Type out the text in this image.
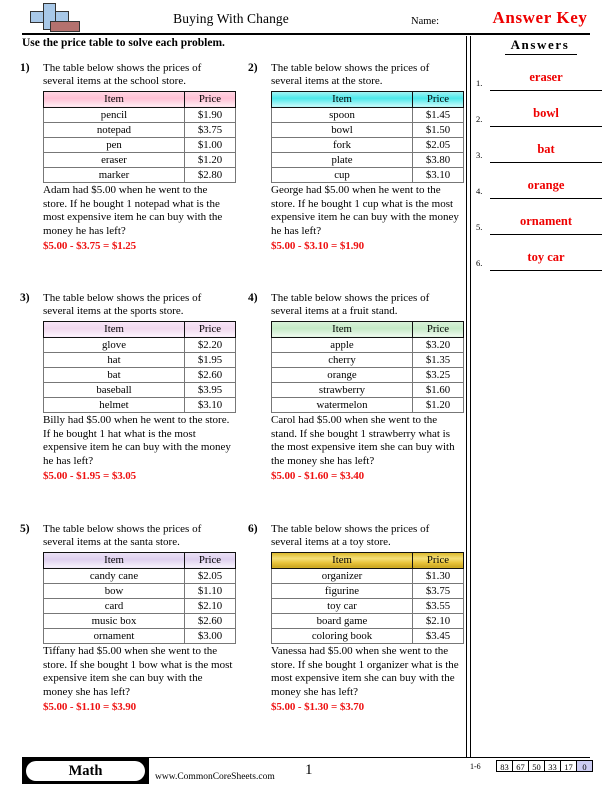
Buying With Change	Name:	Answer Key
Use the price table to solve each problem.	Answers
1.	eraser
2.	bowl
3.	bat
4.	orange
5.	ornament
6.	toy car
1) The table below shows the prices of several items at the school store.
Item	Price
pencil	$1.90
notepad	$3.75
pen	$1.00
eraser	$1.20
marker	$2.80
Adam had $5.00 when he went to the store. If he bought 1 notepad what is the most expensive item he can buy with the money he has left?
$5.00 - $3.75 = $1.25
2) The table below shows the prices of several items at the store.
Item	Price
spoon	$1.45
bowl	$1.50
fork	$2.05
plate	$3.80
cup	$3.10
George had $5.00 when he went to the store. If he bought 1 cup what is the most expensive item he can buy with the money he has left?
$5.00 - $3.10 = $1.90
3) The table below shows the prices of several items at the sports store.
Item	Price
glove	$2.20
hat	$1.95
bat	$2.60
baseball	$3.95
helmet	$3.10
Billy had $5.00 when he went to the store. If he bought 1 hat what is the most expensive item he can buy with the money he has left?
$5.00 - $1.95 = $3.05
4) The table below shows the prices of several items at a fruit stand.
Item	Price
apple	$3.20
cherry	$1.35
orange	$3.25
strawberry	$1.60
watermelon	$1.20
Carol had $5.00 when she went to the stand. If she bought 1 strawberry what is the most expensive item she can buy with the money she has left?
$5.00 - $1.60 = $3.40
5) The table below shows the prices of several items at the santa store.
Item	Price
candy cane	$2.05
bow	$1.10
card	$2.10
music box	$2.60
ornament	$3.00
Tiffany had $5.00 when she went to the store. If she bought 1 bow what is the most expensive item she can buy with the money she has left?
$5.00 - $1.10 = $3.90
6) The table below shows the prices of several items at a toy store.
Item	Price
organizer	$1.30
figurine	$3.75
toy car	$3.55
board game	$2.10
coloring book	$3.45
Vanessa had $5.00 when she went to the store. If she bought 1 organizer what is the most expensive item she can buy with the money she has left?
$5.00 - $1.30 = $3.70
Math	www.CommonCoreSheets.com 1	1-6 83 67 50 33 17 0
